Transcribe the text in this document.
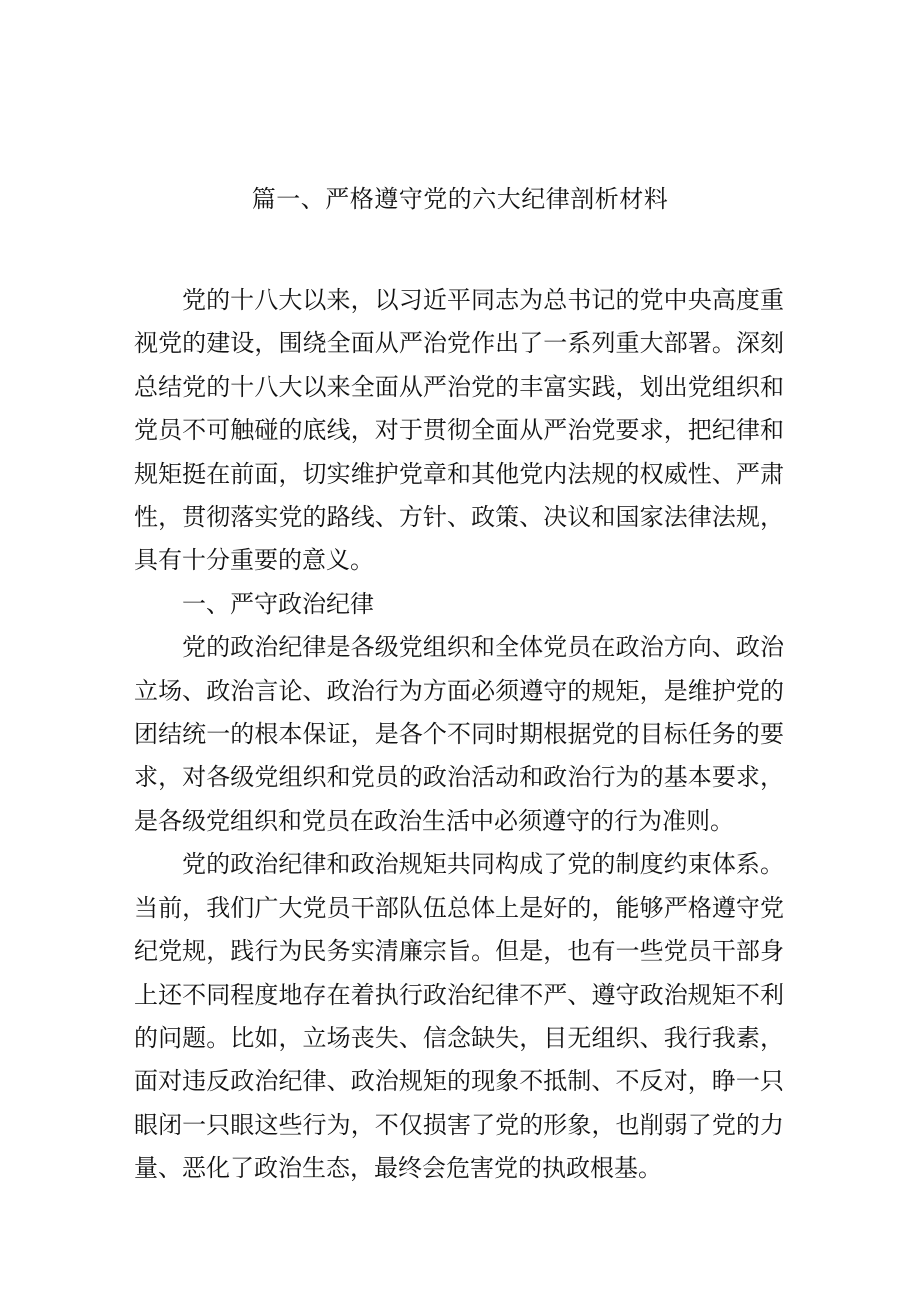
篇一、严格遵守党的六大纪律剖析材料

党的十八大以来，以习近平同志为总书记的党中央高度重视党的建设，围绕全面从严治党作出了一系列重大部署。深刻总结党的十八大以来全面从严治党的丰富实践，划出党组织和党员不可触碰的底线，对于贯彻全面从严治党要求，把纪律和规矩挺在前面，切实维护党章和其他党内法规的权威性、严肃性，贯彻落实党的路线、方针、政策、决议和国家法律法规，具有十分重要的意义。

一、严守政治纪律

党的政治纪律是各级党组织和全体党员在政治方向、政治立场、政治言论、政治行为方面必须遵守的规矩，是维护党的团结统一的根本保证，是各个不同时期根据党的目标任务的要求，对各级党组织和党员的政治活动和政治行为的基本要求，是各级党组织和党员在政治生活中必须遵守的行为准则。

党的政治纪律和政治规矩共同构成了党的制度约束体系。当前，我们广大党员干部队伍总体上是好的，能够严格遵守党纪党规，践行为民务实清廉宗旨。但是，也有一些党员干部身上还不同程度地存在着执行政治纪律不严、遵守政治规矩不利的问题。比如，立场丧失、信念缺失，目无组织、我行我素，面对违反政治纪律、政治规矩的现象不抵制、不反对，睁一只眼闭一只眼这些行为，不仅损害了党的形象，也削弱了党的力量、恶化了政治生态，最终会危害党的执政根基。
